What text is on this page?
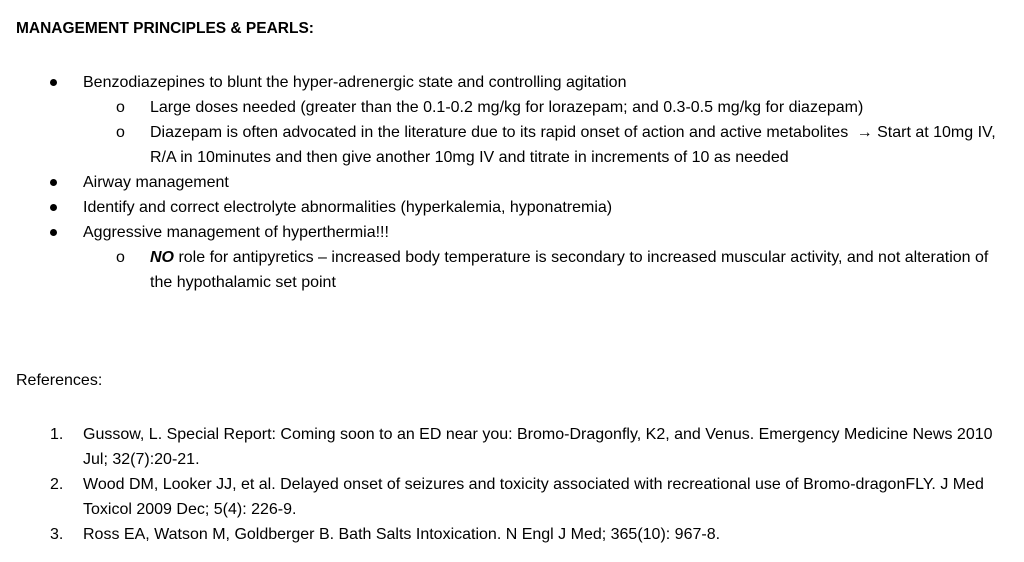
MANAGEMENT PRINCIPLES & PEARLS:
Benzodiazepines to blunt the hyper-adrenergic state and controlling agitation
o Large doses needed (greater than the 0.1-0.2 mg/kg for lorazepam; and 0.3-0.5 mg/kg for diazepam)
o Diazepam is often advocated in the literature due to its rapid onset of action and active metabolites → Start at 10mg IV, R/A in 10minutes and then give another 10mg IV and titrate in increments of 10 as needed
Airway management
Identify and correct electrolyte abnormalities (hyperkalemia, hyponatremia)
Aggressive management of hyperthermia!!!
o NO role for antipyretics – increased body temperature is secondary to increased muscular activity, and not alteration of the hypothalamic set point
References:
1. Gussow, L. Special Report: Coming soon to an ED near you: Bromo-Dragonfly, K2, and Venus. Emergency Medicine News 2010 Jul; 32(7):20-21.
2. Wood DM, Looker JJ, et al. Delayed onset of seizures and toxicity associated with recreational use of Bromo-dragonFLY. J Med Toxicol 2009 Dec; 5(4): 226-9.
3. Ross EA, Watson M, Goldberger B. Bath Salts Intoxication. N Engl J Med; 365(10): 967-8.
